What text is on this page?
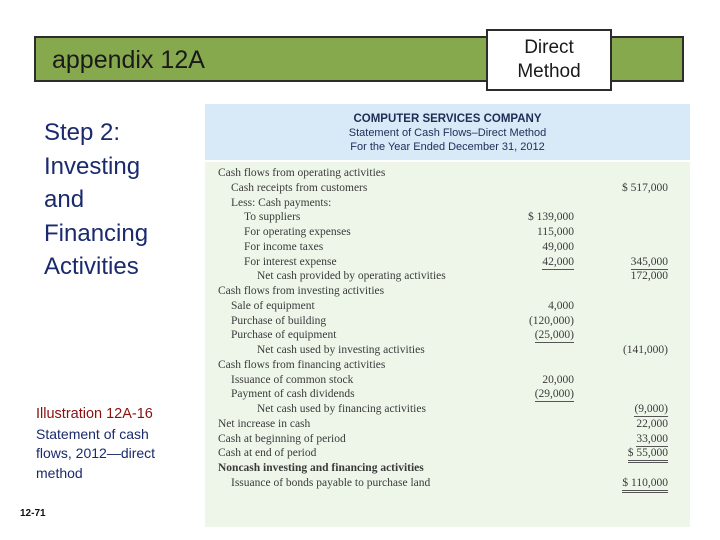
appendix 12A	Direct
Method
Step 2:
Investing
and
Financing
Activities
Illustration 12A-16
Statement of cash
flows, 2012—direct
method
12-71
COMPUTER SERVICES COMPANY
Statement of Cash Flows–Direct Method
For the Year Ended December 31, 2012
Cash flows from operating activities
Cash receipts from customers	$ 517,000
Less: Cash payments:
To suppliers	$ 139,000
For operating expenses	115,000
For income taxes	49,000
For interest expense	42,000	345,000
Net cash provided by operating activities	172,000
Cash flows from investing activities
Sale of equipment	4,000
Purchase of building	(120,000)
Purchase of equipment	(25,000)
Net cash used by investing activities	(141,000)
Cash flows from financing activities
Issuance of common stock	20,000
Payment of cash dividends	(29,000)
Net cash used by financing activities	(9,000)
Net increase in cash	22,000
Cash at beginning of period	33,000
Cash at end of period	$ 55,000
Noncash investing and financing activities
Issuance of bonds payable to purchase land	$ 110,000
